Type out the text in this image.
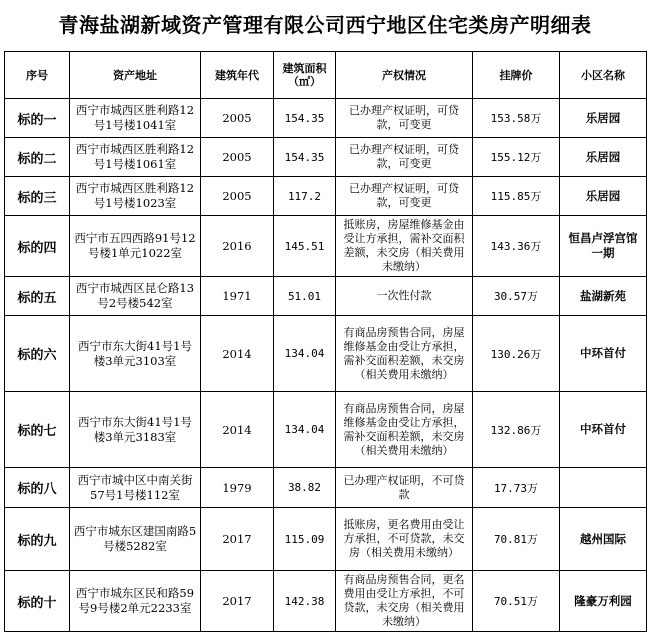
青海盐湖新域资产管理有限公司西宁地区住宅类房产明细表
序号	资产地址	建筑年代	建筑面积（㎡）	产权情况	挂牌价	小区名称
标的一	西宁市城西区胜利路12号1号楼1041室	2005	154.35	已办理产权证明，可贷款，可变更	153.58万	乐居园
标的二	西宁市城西区胜利路12号1号楼1061室	2005	154.35	已办理产权证明，可贷款，可变更	155.12万	乐居园
标的三	西宁市城西区胜利路12号1号楼1023室	2005	117.2	已办理产权证明，可贷款，可变更	115.85万	乐居园
标的四	西宁市五四西路91号12号楼1单元1022室	2016	145.51	抵账房，房屋维修基金由受让方承担，需补交面积差额，未交房（相关费用未缴纳）	143.36万	恒昌卢浮宫馆一期
标的五	西宁市城西区昆仑路13号2号楼542室	1971	51.01	一次性付款	30.57万	盐湖新苑
标的六	西宁市东大街41号1号楼3单元3103室	2014	134.04	有商品房预售合同，房屋维修基金由受让方承担，需补交面积差额，未交房（相关费用未缴纳）	130.26万	中环首付
标的七	西宁市东大街41号1号楼3单元3183室	2014	134.04	有商品房预售合同，房屋维修基金由受让方承担，需补交面积差额，未交房（相关费用未缴纳）	132.86万	中环首付
标的八	西宁市城中区中南关街57号1号楼112室	1979	38.82	已办理产权证明，不可贷款	17.73万	
标的九	西宁市城东区建国南路5号楼5282室	2017	115.09	抵账房，更名费用由受让方承担，不可贷款，未交房（相关费用未缴纳）	70.81万	越州国际
标的十	西宁市城东区民和路59号9号楼2单元2233室	2017	142.38	有商品房预售合同，更名费用由受让方承担，不可贷款，未交房（相关费用未缴纳）	70.51万	隆豪万利园
